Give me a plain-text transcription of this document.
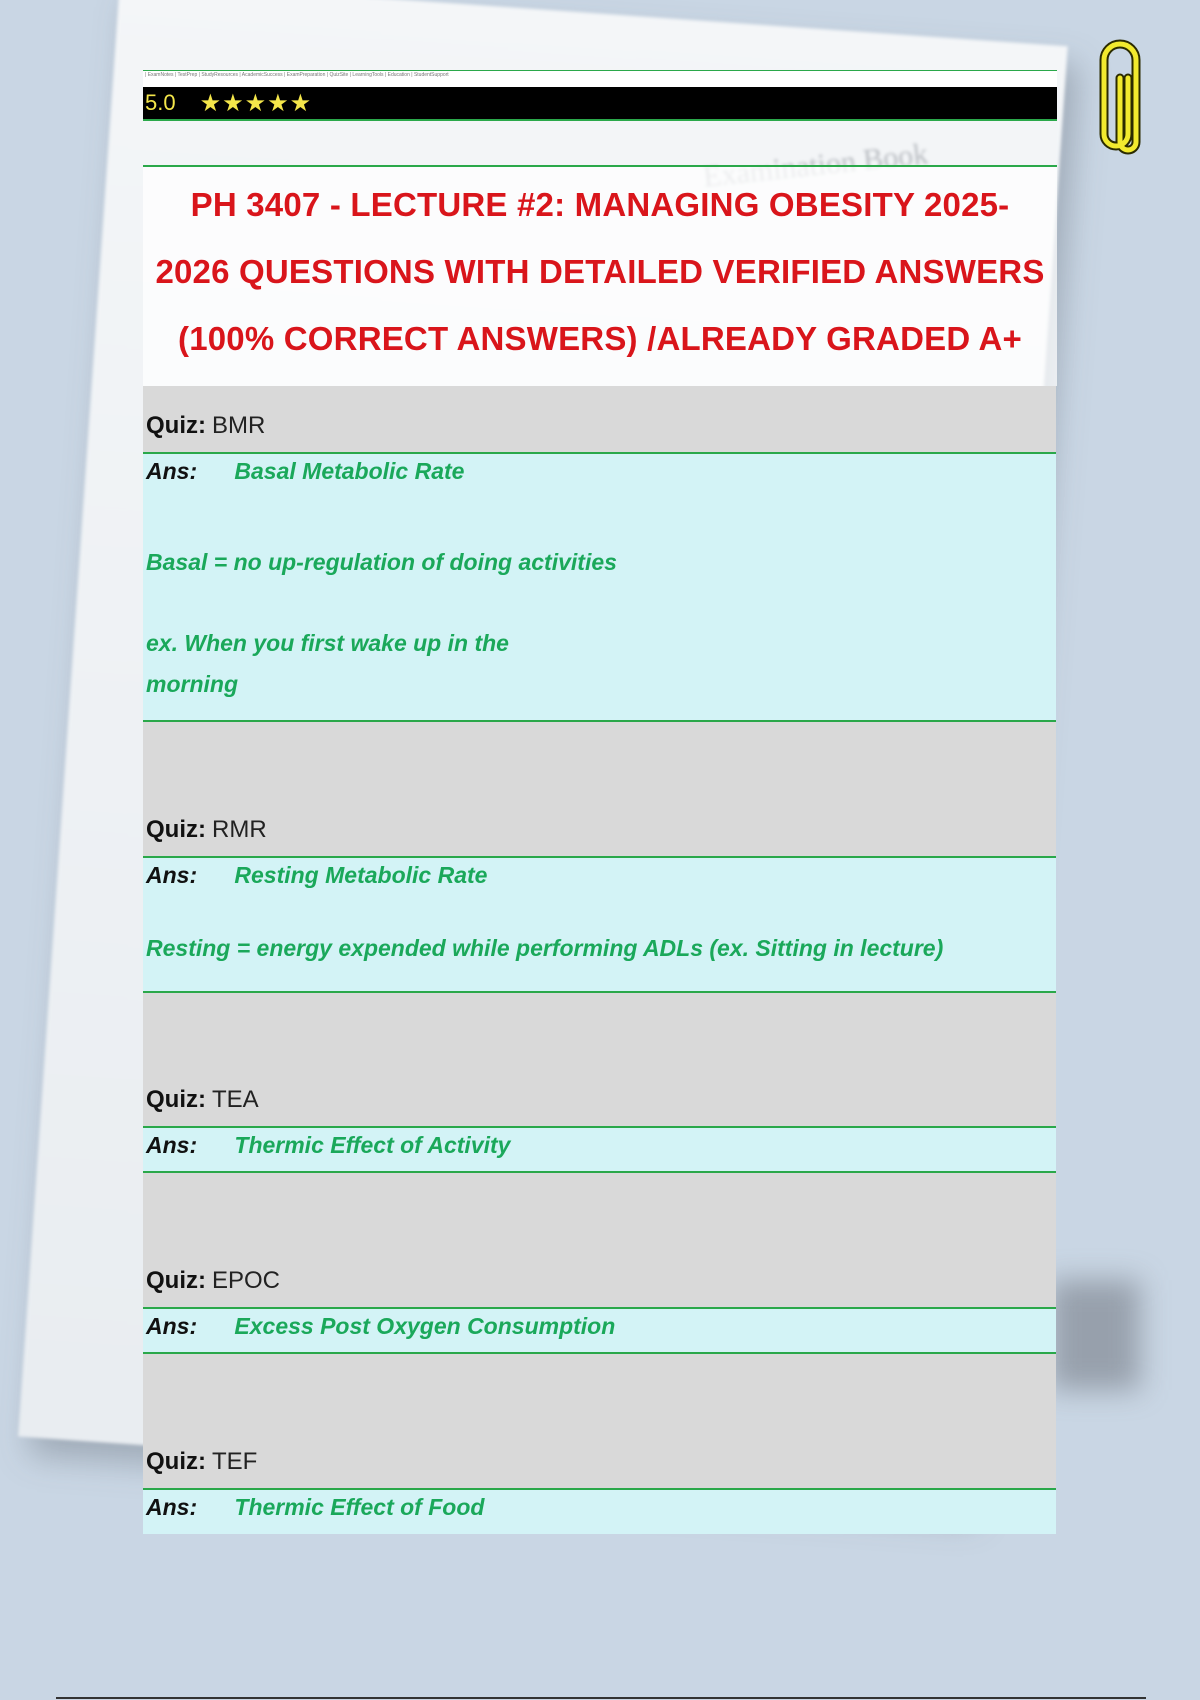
| ExamNotes | TestPrep | StudyResources | AcademicSuccess | ExamPreparation | QuizSite | LearningTools | Education | StudentSupport
5.0 ★★★★★
PH 3407 - LECTURE #2: MANAGING OBESITY 2025-
2026 QUESTIONS WITH DETAILED VERIFIED ANSWERS
(100% CORRECT ANSWERS) /ALREADY GRADED A+
Quiz: BMR
Ans: Basal Metabolic Rate
Basal = no up-regulation of doing activities
ex. When you first wake up in the
morning
Quiz: RMR
Ans: Resting Metabolic Rate
Resting = energy expended while performing ADLs (ex. Sitting in lecture)
Quiz: TEA
Ans: Thermic Effect of Activity
Quiz: EPOC
Ans: Excess Post Oxygen Consumption
Quiz: TEF
Ans: Thermic Effect of Food
